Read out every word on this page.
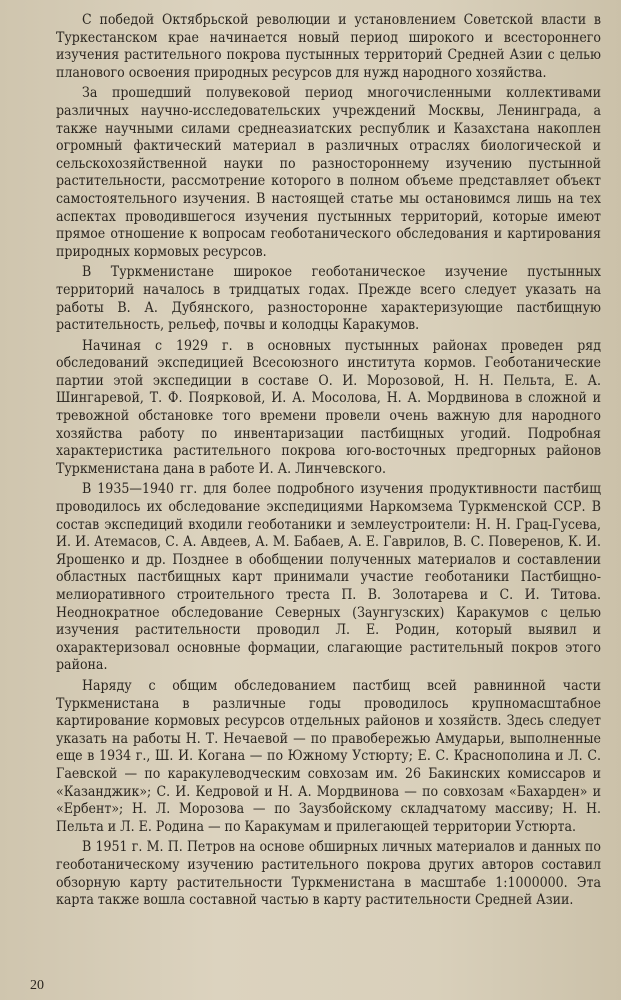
С победой Октябрьской революции и установлением Советской власти в Туркестанском крае начинается новый период широкого и всестороннего изучения растительного покрова пустынных территорий Средней Азии с целью планового освоения природных ресурсов для нужд народного хозяйства.

За прошедший полувековой период многочисленными коллективами различных научно-исследовательских учреждений Москвы, Ленинграда, а также научными силами среднеазиатских республик и Казахстана накоплен огромный фактический материал в различных отраслях биологической и сельскохозяйственной науки по разностороннему изучению пустынной растительности, рассмотрение которого в полном объеме представляет объект самостоятельного изучения. В настоящей статье мы остановимся лишь на тех аспектах проводившегося изучения пустынных территорий, которые имеют прямое отношение к вопросам геоботанического обследования и картирования природных кормовых ресурсов.

В Туркменистане широкое геоботаническое изучение пустынных территорий началось в тридцатых годах. Прежде всего следует указать на работы В. А. Дубянского, разносторонне характеризующие пастбищную растительность, рельеф, почвы и колодцы Каракумов.

Начиная с 1929 г. в основных пустынных районах проведен ряд обследований экспедицией Всесоюзного института кормов. Геоботанические партии этой экспедиции в составе О. И. Морозовой, Н. Н. Пельта, Е. А. Шингаревой, Т. Ф. Поярковой, И. А. Мосолова, Н. А. Мордвинова в сложной и тревожной обстановке того времени провели очень важную для народного хозяйства работу по инвентаризации пастбищных угодий. Подробная характеристика растительного покрова юго-восточных предгорных районов Туркменистана дана в работе И. А. Линчевского.

В 1935—1940 гг. для более подробного изучения продуктивности пастбищ проводилось их обследование экспедициями Наркомзема Туркменской ССР. В состав экспедиций входили геоботаники и землеустроители: Н. Н. Грац-Гусева, И. И. Атемасов, С. А. Авдеев, А. М. Бабаев, А. Е. Гаврилов, В. С. Поверенов, К. И. Ярошенко и др. Позднее в обобщении полученных материалов и составлении областных пастбищных карт принимали участие геоботаники Пастбищно-мелиоративного строительного треста П. В. Золотарева и С. И. Титова. Неоднократное обследование Северных (Заунгузских) Каракумов с целью изучения растительности проводил Л. Е. Родин, который выявил и охарактеризовал основные формации, слагающие растительный покров этого района.

Наряду с общим обследованием пастбищ всей равнинной части Туркменистана в различные годы проводилось крупномасштабное картирование кормовых ресурсов отдельных районов и хозяйств. Здесь следует указать на работы Н. Т. Нечаевой — по правобережью Амударьи, выполненные еще в 1934 г., Ш. И. Когана — по Южному Устюрту; Е. С. Краснополина и Л. С. Гаевской — по каракулеводческим совхозам им. 26 Бакинских комиссаров и «Казанджик»; С. И. Кедровой и Н. А. Мордвинова — по совхозам «Бахарден» и «Ербент»; Н. Л. Морозова — по Заузбойскому складчатому массиву; Н. Н. Пельта и Л. Е. Родина — по Каракумам и прилегающей территории Устюрта.

В 1951 г. М. П. Петров на основе обширных личных материалов и данных по геоботаническому изучению растительного покрова других авторов составил обзорную карту растительности Туркменистана в масштабе 1:1000000. Эта карта также вошла составной частью в карту растительности Средней Азии.

20
